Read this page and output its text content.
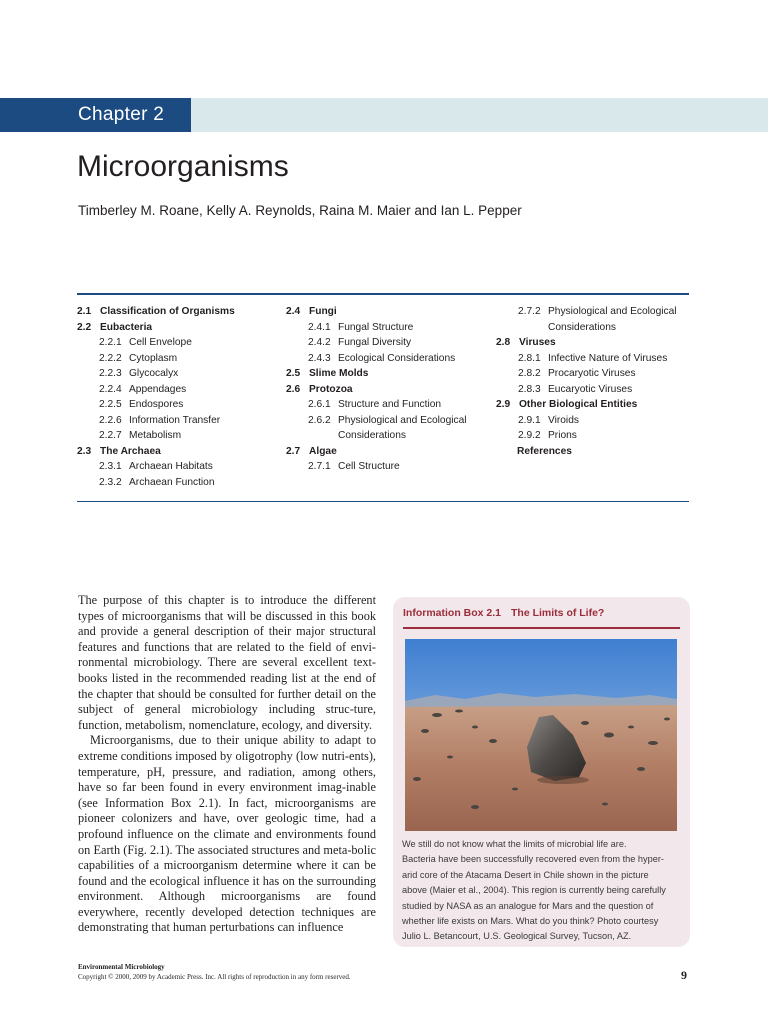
Chapter 2
Microorganisms
Timberley M. Roane, Kelly A. Reynolds, Raina M. Maier and Ian L. Pepper
2.1 Classification of Organisms
2.2 Eubacteria
2.2.1 Cell Envelope
2.2.2 Cytoplasm
2.2.3 Glycocalyx
2.2.4 Appendages
2.2.5 Endospores
2.2.6 Information Transfer
2.2.7 Metabolism
2.3 The Archaea
2.3.1 Archaean Habitats
2.3.2 Archaean Function
2.4 Fungi
2.4.1 Fungal Structure
2.4.2 Fungal Diversity
2.4.3 Ecological Considerations
2.5 Slime Molds
2.6 Protozoa
2.6.1 Structure and Function
2.6.2 Physiological and Ecological
Considerations
2.7 Algae
2.7.1 Cell Structure
2.7.2 Physiological and Ecological
Considerations
2.8 Viruses
2.8.1 Infective Nature of Viruses
2.8.2 Procaryotic Viruses
2.8.3 Eucaryotic Viruses
2.9 Other Biological Entities
2.9.1 Viroids
2.9.2 Prions
References

The purpose of this chapter is to introduce the different types of microorganisms that will be discussed in this book and provide a general description of their major structural features and functions that are related to the field of envi-ronmental microbiology. There are several excellent text-books listed in the recommended reading list at the end of the chapter that should be consulted for further detail on the subject of general microbiology including struc-ture, function, metabolism, nomenclature, ecology, and diversity.

Microorganisms, due to their unique ability to adapt to extreme conditions imposed by oligotrophy (low nutri-ents), temperature, pH, pressure, and radiation, among others, have so far been found in every environment imag-inable (see Information Box 2.1). In fact, microorganisms are pioneer colonizers and have, over geologic time, had a profound influence on the climate and environments found on Earth (Fig. 2.1). The associated structures and meta-bolic capabilities of a microorganism determine where it can be found and the ecological influence it has on the surrounding environment. Although microorganisms are found everywhere, recently developed detection techniques are demonstrating that human perturbations can influence

Information Box 2.1 The Limits of Life?
We still do not know what the limits of microbial life are.
Bacteria have been successfully recovered even from the hyper-
arid core of the Atacama Desert in Chile shown in the picture
above (Maier et al., 2004). This region is currently being carefully
studied by NASA as an analogue for Mars and the question of
whether life exists on Mars. What do you think? Photo courtesy
Julio L. Betancourt, U.S. Geological Survey, Tucson, AZ.
Environmental Microbiology
Copyright © 2000, 2009 by Academic Press. Inc. All rights of reproduction in any form reserved.	9
